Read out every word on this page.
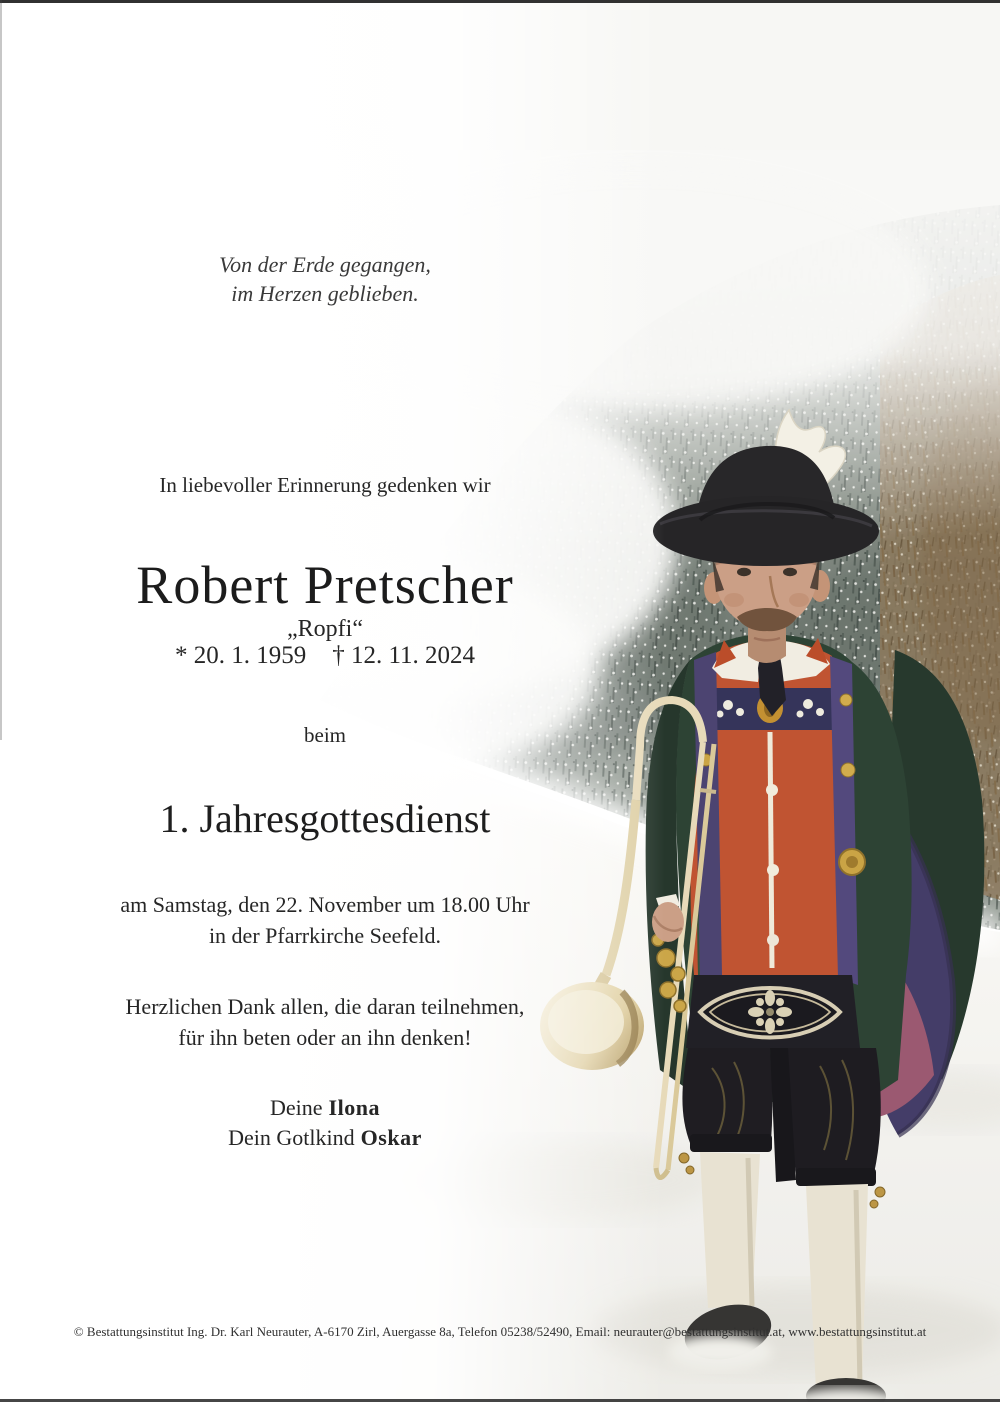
Von der Erde gegangen,
im Herzen geblieben.
In liebevoller Erinnerung gedenken wir
Robert Pretscher
„Ropfi“
* 20. 1. 1959 † 12. 11. 2024
beim
1. Jahresgottesdienst
am Samstag, den 22. November um 18.00 Uhr
in der Pfarrkirche Seefeld.
Herzlichen Dank allen, die daran teilnehmen,
für ihn beten oder an ihn denken!
Deine Ilona
Dein Gotlkind Oskar
© Bestattungsinstitut Ing. Dr. Karl Neurauter, A-6170 Zirl, Auergasse 8a, Telefon 05238/52490, Email: neurauter@bestattungsinstitut.at, www.bestattungsinstitut.at
